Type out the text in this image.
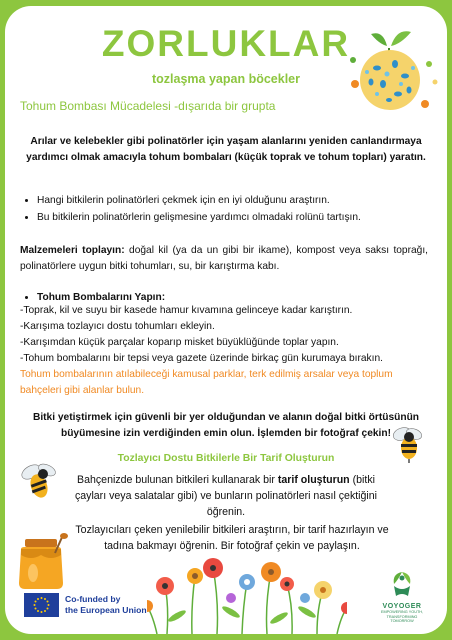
ZORLUKLAR
tozlaşma yapan böcekler
Tohum Bombası Mücadelesi -dışarıda bir grupta
Arılar ve kelebekler gibi polinatörler için yaşam alanlarını yeniden canlandırmaya yardımcı olmak amacıyla tohum bombaları (küçük toprak ve tohum topları) yaratın.
• Hangi bitkilerin polinatörleri çekmek için en iyi olduğunu araştırın.
• Bu bitkilerin polinatörlerin gelişmesine yardımcı olmadaki rolünü tartışın.
Malzemeleri toplayın: doğal kil (ya da un gibi bir ikame), kompost veya saksı toprağı, polinatörlere uygun bitki tohumları, su, bir karıştırma kabı.
• Tohum Bombalarını Yapın:
-Toprak, kil ve suyu bir kasede hamur kıvamına gelinceye kadar karıştırın.
-Karışıma tozlayıcı dostu tohumları ekleyin.
-Karışımdan küçük parçalar koparıp misket büyüklüğünde toplar yapın.
-Tohum bombalarını bir tepsi veya gazete üzerinde birkaç gün kurumaya bırakın.
Tohum bombalarının atılabileceği kamusal parklar, terk edilmiş arsalar veya toplum bahçeleri gibi alanlar bulun.
Bitki yetiştirmek için güvenli bir yer olduğundan ve alanın doğal bitki örtüsünün büyümesine izin verdiğinden emin olun. İşlemden bir fotoğraf çekin!
Tozlayıcı Dostu Bitkilerle Bir Tarif Oluşturun
Bahçenizde bulunan bitkileri kullanarak bir tarif oluşturun (bitki çayları veya salatalar gibi) ve bunların polinatörleri nasıl çektiğini öğrenin.
Tozlayıcıları çeken yenilebilir bitkileri araştırın, bir tarif hazırlayın ve tadına bakmayı öğrenin. Bir fotoğraf çekin ve paylaşın.
Co-funded by
the European Union	VOYOGER
EMPOWERING YOUTH, TRANSFORMING TOMORROW
